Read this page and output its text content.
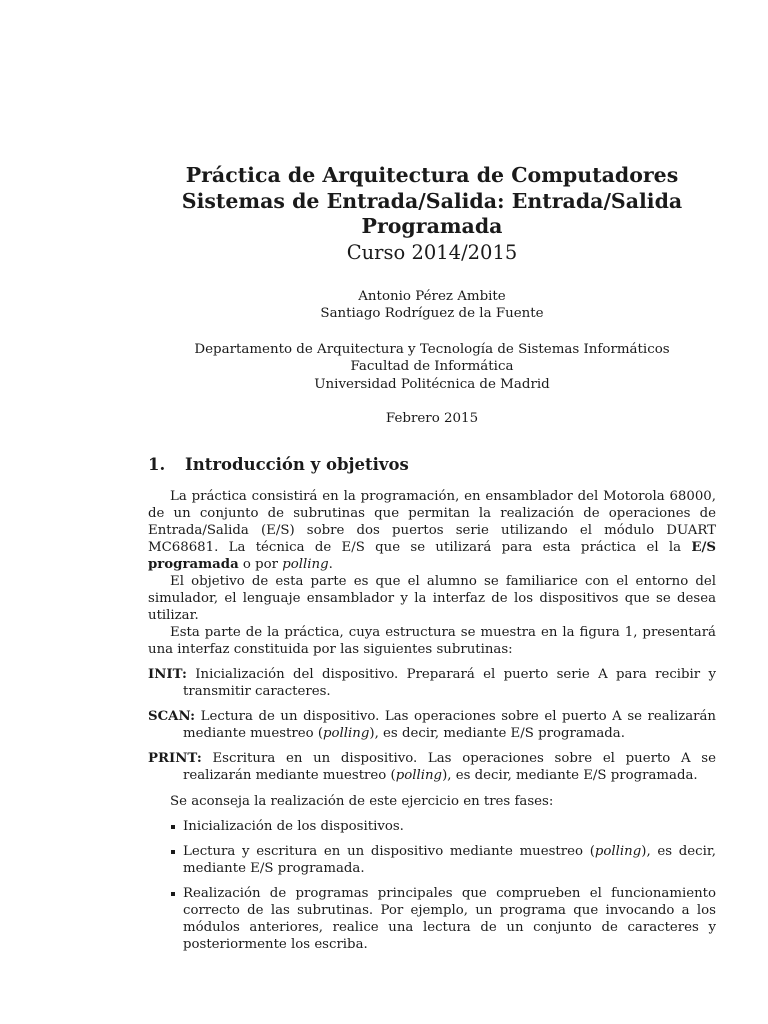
Práctica de Arquitectura de Computadores
Sistemas de Entrada/Salida: Entrada/Salida
Programada
Curso 2014/2015
Antonio Pérez Ambite
Santiago Rodríguez de la Fuente
Departamento de Arquitectura y Tecnología de Sistemas Informáticos
Facultad de Informática
Universidad Politécnica de Madrid
Febrero 2015
1.	Introducción y objetivos

La práctica consistirá en la programación, en ensamblador del Motorola 68000, de un conjunto de subrutinas que permitan la realización de operaciones de Entrada/Salida (E/S) sobre dos puertos serie utilizando el módulo DUART MC68681. La técnica de E/S que se utilizará para esta práctica el la E/S programada o por polling.

El objetivo de esta parte es que el alumno se familiarice con el entorno del simulador, el lenguaje ensamblador y la interfaz de los dispositivos que se desea utilizar.

Esta parte de la práctica, cuya estructura se muestra en la figura 1, presentará una interfaz constituida por las siguientes subrutinas:

INIT: Inicialización del dispositivo. Preparará el puerto serie A para recibir y transmitir caracteres.
SCAN: Lectura de un dispositivo. Las operaciones sobre el puerto A se realizarán mediante muestreo (polling), es decir, mediante E/S programada.
PRINT: Escritura en un dispositivo. Las operaciones sobre el puerto A se realizarán mediante muestreo (polling), es decir, mediante E/S programada.

Se aconseja la realización de este ejercicio en tres fases:

Inicialización de los dispositivos.
Lectura y escritura en un dispositivo mediante muestreo (polling), es decir, mediante E/S programada.
Realización de programas principales que comprueben el funcionamiento correcto de las subrutinas. Por ejemplo, un programa que invocando a los módulos anteriores, realice una lectura de un conjunto de caracteres y posteriormente los escriba.
